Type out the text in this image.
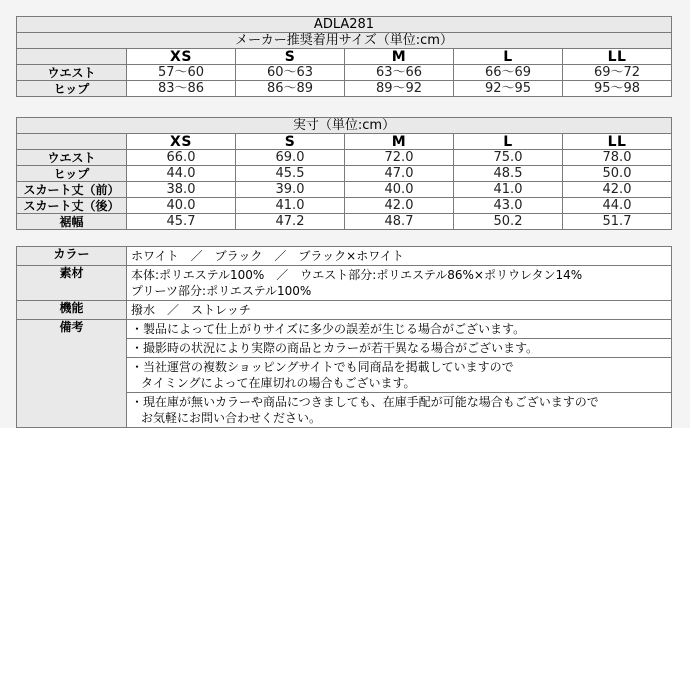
ADLA281					
メーカー推奨着用サイズ（単位:cm）					
	XS	S	M	L	LL
ウエスト	57～60	60～63	63～66	66～69	69～72
ヒップ	83～86	86～89	89～92	92～95	95～98
実寸（単位:cm）					
	XS	S	M	L	LL
ウエスト	66.0	69.0	72.0	75.0	78.0
ヒップ	44.0	45.5	47.0	48.5	50.0
スカート丈（前）	38.0	39.0	40.0	41.0	42.0
スカート丈（後）	40.0	41.0	42.0	43.0	44.0
裾幅	45.7	47.2	48.7	50.2	51.7
カラー	ホワイト　／　ブラック　／　ブラック×ホワイト
素材	本体:ポリエステル100%　／　ウエスト部分:ポリエステル86%×ポリウレタン14%
プリーツ部分:ポリエステル100%

機能	撥水　／　ストレッチ
備考	・製品によって仕上がりサイズに多少の誤差が生じる場合がございます。

	・撮影時の状況により実際の商品とカラーが若干異なる場合がございます。

	・当社運営の複数ショッピングサイトでも同商品を掲載していますので
タイミングによって在庫切れの場合もございます。

	・現在庫が無いカラーや商品につきましても、在庫手配が可能な場合もございますので
お気軽にお問い合わせください。
